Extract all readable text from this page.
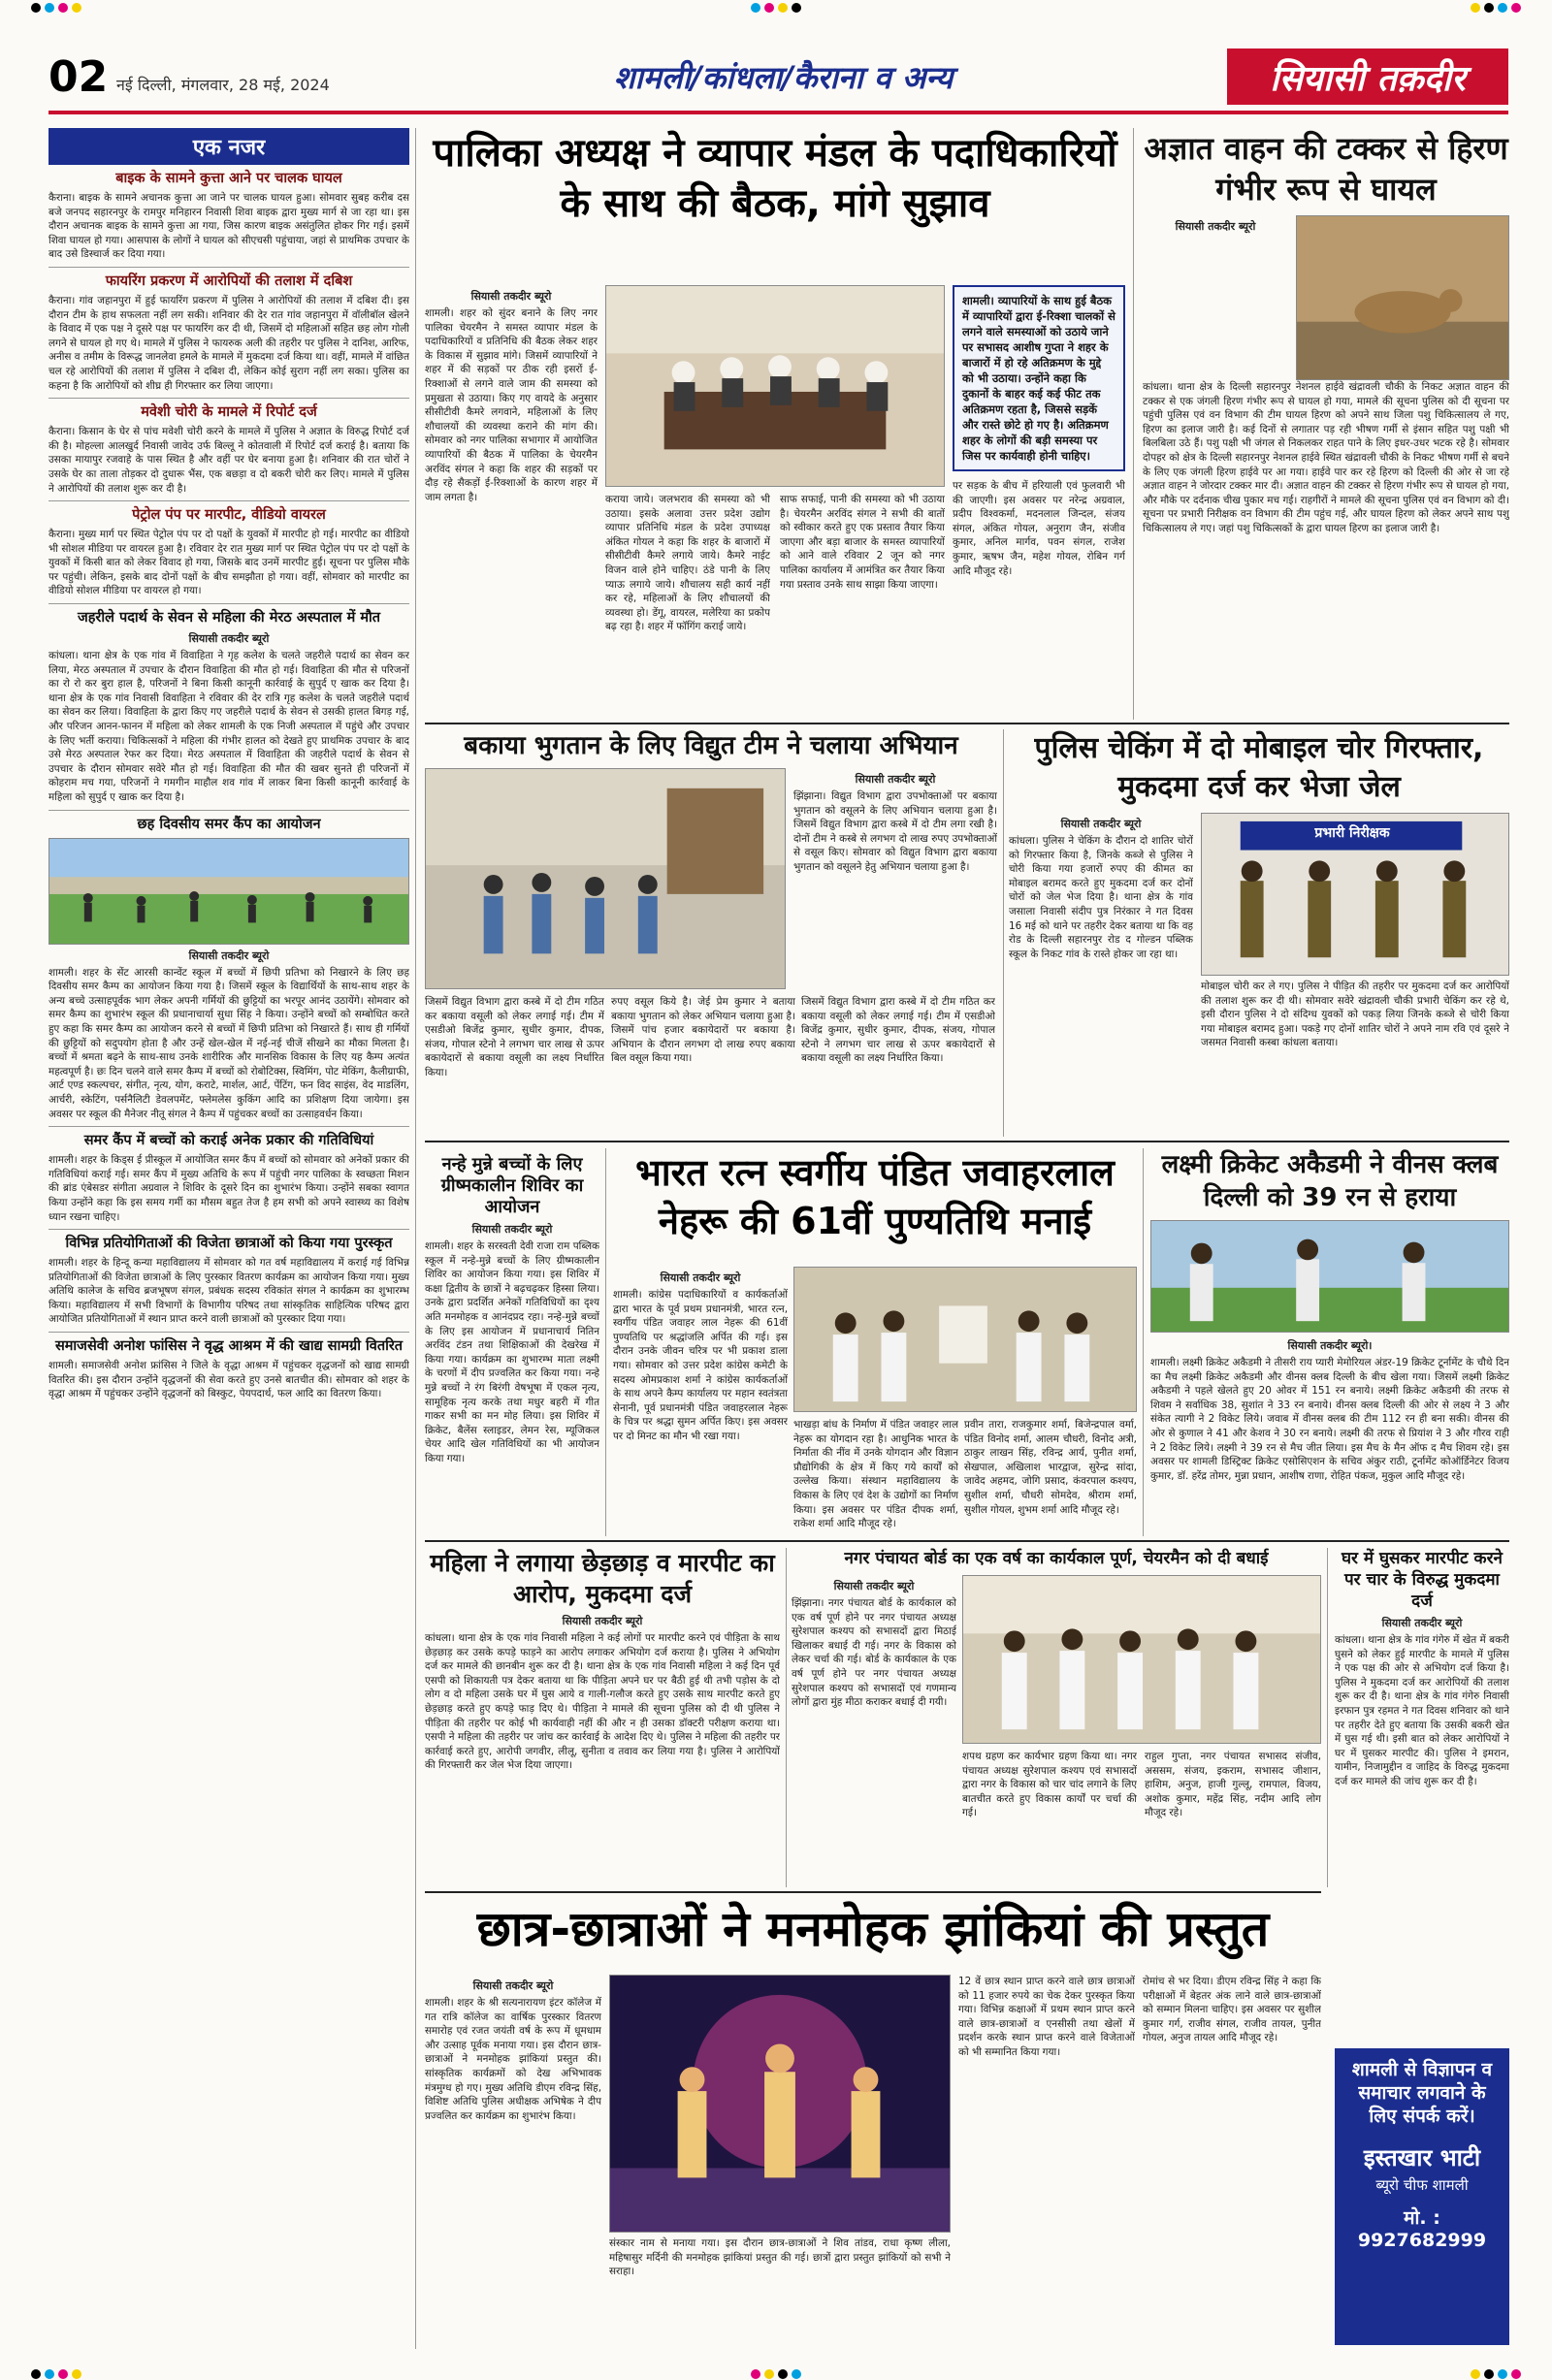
02 नई दिल्ली, मंगलवार, 28 मई, 2024	शामली/कांधला/कैराना व अन्य	सियासी तक़दीर
एक नजर
बाइक के सामने कुत्ता आने पर चालक घायल
कैराना। बाइक के सामने अचानक कुत्ता आ जाने पर चालक घायल हुआ। सोमवार सुबह करीब दस बजे जनपद सहारनपुर के रामपुर मनिहारन निवासी शिवा बाइक द्वारा मुख्य मार्ग से जा रहा था। इस दौरान अचानक बाइक के सामने कुत्ता आ गया, जिस कारण बाइक असंतुलित होकर गिर गई। इसमें शिवा घायल हो गया। आसपास के लोगों ने घायल को सीएचसी पहुंचाया, जहां से प्राथमिक उपचार के बाद उसे डिस्चार्ज कर दिया गया।
फायरिंग प्रकरण में आरोपियों की तलाश में दबिश
कैराना। गांव जहानपुरा में हुई फायरिंग प्रकरण में पुलिस ने आरोपियों की तलाश में दबिश दी। इस दौरान टीम के हाथ सफलता नहीं लग सकी। शनिवार की देर रात गांव जहानपुरा में वॉलीबॉल खेलने के विवाद में एक पक्ष ने दूसरे पक्ष पर फायरिंग कर दी थी, जिसमें दो महिलाओं सहित छह लोग गोली लगने से घायल हो गए थे। मामले में पुलिस ने फायरुक अली की तहरीर पर पुलिस ने दानिश, आरिफ, अनीस व तमीम के विरूद्ध जानलेवा हमले के मामले में मुकदमा दर्ज किया था। वहीं, मामले में वांछित चल रहे आरोपियों की तलाश में पुलिस ने दबिश दी, लेकिन कोई सुराग नहीं लग सका। पुलिस का कहना है कि आरोपियों को शीघ्र ही गिरफ्तार कर लिया जाएगा।
मवेशी चोरी के मामले में रिपोर्ट दर्ज
कैराना। किसान के घेर से पांच मवेशी चोरी करने के मामले में पुलिस ने अज्ञात के विरुद्ध रिपोर्ट दर्ज की है। मोहल्ला आलखुर्द निवासी जावेद उर्फ बिल्लू ने कोतवाली में रिपोर्ट दर्ज कराई है। बताया कि उसका मायापुर रजवाहे के पास स्थित है और वहीं पर घेर बनाया हुआ है। शनिवार की रात चोरों ने उसके घेर का ताला तोड़कर दो दुधारू भैंस, एक बछड़ा व दो बकरी चोरी कर लिए। मामले में पुलिस ने आरोपियों की तलाश शुरू कर दी है।
पेट्रोल पंप पर मारपीट, वीडियो वायरल
कैराना। मुख्य मार्ग पर स्थित पेट्रोल पंप पर दो पक्षों के युवकों में मारपीट हो गई। मारपीट का वीडियो भी सोशल मीडिया पर वायरल हुआ है। रविवार देर रात मुख्य मार्ग पर स्थित पेट्रोल पंप पर दो पक्षों के युवकों में किसी बात को लेकर विवाद हो गया, जिसके बाद उनमें मारपीट हुई। सूचना पर पुलिस मौके पर पहुंची। लेकिन, इसके बाद दोनों पक्षों के बीच समझौता हो गया। वहीं, सोमवार को मारपीट का वीडियो सोशल मीडिया पर वायरल हो गया।
जहरीले पदार्थ के सेवन से महिला की मेरठ अस्पताल में मौत
सियासी तकदीर ब्यूरो
कांधला। थाना क्षेत्र के एक गांव में विवाहिता ने गृह कलेश के चलते जहरीले पदार्थ का सेवन कर लिया, मेरठ अस्पताल में उपचार के दौरान विवाहिता की मौत हो गई। विवाहिता की मौत से परिजनों का रो रो कर बुरा हाल है, परिजनों ने बिना किसी कानूनी कार्रवाई के सुपुर्द ए खाक कर दिया है। थाना क्षेत्र के एक गांव निवासी विवाहिता ने रविवार की देर रात्रि गृह कलेश के चलते जहरीले पदार्थ का सेवन कर लिया। विवाहिता के द्वारा किए गए जहरीले पदार्थ के सेवन से उसकी हालत बिगड़ गई, और परिजन आनन-फानन में महिला को लेकर शामली के एक निजी अस्पताल में पहुंचे और उपचार के लिए भर्ती कराया। चिकित्सकों ने महिला की गंभीर हालत को देखते हुए प्राथमिक उपचार के बाद उसे मेरठ अस्पताल रेफर कर दिया। मेरठ अस्पताल में विवाहिता की जहरीले पदार्थ के सेवन से उपचार के दौरान सोमवार सवेरे मौत हो गई। विवाहिता की मौत की खबर सुनते ही परिजनों में कोहराम मच गया, परिजनों ने गमगीन माहौल शव गांव में लाकर बिना किसी कानूनी कार्रवाई के महिला को सुपुर्द ए खाक कर दिया है।
छह दिवसीय समर कैंप का आयोजन
सियासी तकदीर ब्यूरो
शामली। शहर के सेंट आरसी कान्वेंट स्कूल में बच्चों में छिपी प्रतिभा को निखारने के लिए छह दिवसीय समर कैम्प का आयोजन किया गया है। जिसमें स्कूल के विद्यार्थियों के साथ-साथ शहर के अन्य बच्चे उत्साहपूर्वक भाग लेकर अपनी गर्मियों की छुट्टियों का भरपूर आनंद उठायेंगे। सोमवार को समर कैम्प का शुभारंभ स्कूल की प्रधानाचार्या सुधा सिंह ने किया। उन्होंने बच्चों को सम्बोधित करते हुए कहा कि समर कैम्प का आयोजन करने से बच्चों में छिपी प्रतिभा को निखारते हैं। साथ ही गर्मियों की छुट्टियों को सदुपयोग होता है और उन्हें खेल-खेल में नई-नई चीजें सीखने का मौका मिलता है। बच्चों में श्रमता बढ़ने के साथ-साथ उनके शारीरिक और मानसिक विकास के लिए यह कैम्प अत्यंत महत्वपूर्ण है। छः दिन चलने वाले समर कैम्प में बच्चों को रोबोटिक्स, स्विमिंग, पोट मेकिंग, कैलीग्राफी, आर्ट एण्ड स्कल्पचर, संगीत, नृत्य, योग, कराटे, मार्शल, आर्ट, पेंटिंग, फन विद साइंस, वेद माडलिंग, आर्चरी, स्केटिंग, पर्सनैलिटी डेवलपमेंट, फ्लेमलेस कुकिंग आदि का प्रशिक्षण दिया जायेगा। इस अवसर पर स्कूल की मैनेजर नीतू संगल ने कैम्प में पहुंचकर बच्चों का उत्साहवर्धन किया।
समर कैंप में बच्चों को कराई अनेक प्रकार की गतिविधियां
शामली। शहर के किड्स ई प्रीस्कूल में आयोजित समर कैंप में बच्चों को सोमवार को अनेकों प्रकार की गतिविधियां कराई गई। समर कैंप में मुख्य अतिथि के रूप में पहुंची नगर पालिका के स्वच्छता मिशन की ब्रांड एंबेसडर संगीता अग्रवाल ने शिविर के दूसरे दिन का शुभारंभ किया। उन्होंने सबका स्वागत किया उन्होंने कहा कि इस समय गर्मी का मौसम बहुत तेज है हम सभी को अपने स्वास्थ्य का विशेष ध्यान रखना चाहिए।
विभिन्न प्रतियोगिताओं की विजेता छात्राओं को किया गया पुरस्कृत
शामली। शहर के हिन्दू कन्या महाविद्यालय में सोमवार को गत वर्ष महाविद्यालय में कराई गई विभिन्न प्रतियोगिताओं की विजेता छात्राओं के लिए पुरस्कार वितरण कार्यक्रम का आयोजन किया गया। मुख्य अतिथि कालेज के सचिव ब्रजभूषण संगल, प्रबंधक सदस्य रविकांत संगल ने कार्यक्रम का शुभारम्भ किया। महाविद्यालय में सभी विभागों के विभागीय परिषद तथा सांस्कृतिक साहित्यिक परिषद द्वारा आयोजित प्रतियोगिताओं में स्थान प्राप्त करने वाली छात्राओं को पुरस्कार दिया गया।
समाजसेवी अनोश फांसिस ने वृद्ध आश्रम में की खाद्य सामग्री वितरित
शामली। समाजसेवी अनोश फ्रांसिस ने जिले के वृद्धा आश्रम में पहुंचकर वृद्धजनों को खाद्य सामग्री वितरित की। इस दौरान उन्होंने वृद्धजनों की सेवा करते हुए उनसे बातचीत की। सोमवार को शहर के वृद्धा आश्रम में पहुंचकर उन्होंने वृद्धजनों को बिस्कुट, पेयपदार्थ, फल आदि का वितरण किया।
पालिका अध्यक्ष ने व्यापार मंडल के पदाधिकारियों के साथ की बैठक, मांगे सुझाव
सियासी तकदीर ब्यूरो
शामली। शहर को सुंदर बनाने के लिए नगर पालिका चेयरमैन ने समस्त व्यापार मंडल के पदाधिकारियों व प्रतिनिधि की बैठक लेकर शहर के विकास में सुझाव मांगे। जिसमें व्यापारियों ने शहर में की सड़कों पर ठीक रही इसरों ई-रिक्शाओं से लगने वाले जाम की समस्या को प्रमुखता से उठाया। किए गए वायदे के अनुसार सीसीटीवी कैमरे लगवाने, महिलाओं के लिए शौचालयों की व्यवस्था कराने की मांग की। सोमवार को नगर पालिका सभागार में आयोजित व्यापारियों की बैठक में पालिका के चेयरमैन अरविंद संगल ने कहा कि शहर की सड़कों पर दौड़ रहे सैकड़ों ई-रिक्शाओं के कारण शहर में जाम लगता है।	कराया जाये। जलभराव की समस्या को भी उठाया। इसके अलावा उत्तर प्रदेश उद्योग व्यापार प्रतिनिधि मंडल के प्रदेश उपाध्यक्ष अंकित गोयल ने कहा कि शहर के बाजारों में सीसीटीवी कैमरे लगाये जाये। कैमरे नाईट विजन वाले होने चाहिए। ठंडे पानी के लिए प्याऊ लगाये जाये। शौचालय सही कार्य नहीं कर रहे, महिलाओं के लिए शौचालयों की व्यवस्था हो। डेंगू, वायरल, मलेरिया का प्रकोप बढ़ रहा है। शहर में फॉगिंग कराई जाये।
साफ सफाई, पानी की समस्या को भी उठाया है। चेयरमैन अरविंद संगल ने सभी की बातों को स्वीकार करते हुए एक प्रस्ताव तैयार किया जाएगा और बड़ा बाजार के समस्त व्यापारियों को आने वाले रविवार 2 जून को नगर पालिका कार्यालय में आमंत्रित कर तैयार किया गया प्रस्ताव उनके साथ साझा किया जाएगा।
शामली। व्यापारियों के साथ हुई बैठक में व्यापारियों द्वारा ई-रिक्शा चालकों से लगने वाले समस्याओं को उठाये जाने पर सभासद आशीष गुप्ता ने शहर के बाजारों में हो रहे अतिक्रमण के मुद्दे को भी उठाया। उन्होंने कहा कि दुकानों के बाहर कई कई फीट तक अतिक्रमण रहता है, जिससे सड़कें और रास्ते छोटे हो गए है। अतिक्रमण शहर के लोगों की बड़ी समस्या पर जिस पर कार्यवाही होनी चाहिए।
पर सड़क के बीच में हरियाली एवं फुलवारी भी की जाएगी। इस अवसर पर नरेन्द्र अग्रवाल, प्रदीप विश्वकर्मा, मदनलाल जिन्दल, संजय संगल, अंकित गोयल, अनुराग जैन, संजीव कुमार, अनिल मार्गव, पवन संगल, राजेश कुमार, ऋषभ जैन, महेश गोयल, रोबिन गर्ग आदि मौजूद रहे।
अज्ञात वाहन की टक्कर से हिरण गंभीर रूप से घायल
सियासी तकदीर ब्यूरो
कांधला। थाना क्षेत्र के दिल्ली सहारनपुर नेशनल हाईवे खंद्रावली चौकी के निकट अज्ञात वाहन की टक्कर से एक जंगली हिरण गंभीर रूप से घायल हो गया, मामले की सूचना पुलिस को दी सूचना पर पहुंची पुलिस एवं वन विभाग की टीम घायल हिरण को अपने साथ जिला पशु चिकित्सालय ले गए, हिरण का इलाज जारी है। कई दिनों से लगातार पड़ रही भीषण गर्मी से इंसान सहित पशु पक्षी भी बिलबिला उठे हैं। पशु पक्षी भी जंगल से निकलकर राहत पाने के लिए इधर-उधर भटक रहे है। सोमवार दोपहर को क्षेत्र के दिल्ली सहारनपुर नेशनल हाईवे स्थित खंद्रावली चौकी के निकट भीषण गर्मी से बचने के लिए एक जंगली हिरण हाईवे पर आ गया। हाईवे पार कर रहे हिरण को दिल्ली की ओर से जा रहे अज्ञात वाहन ने जोरदार टक्कर मार दी। अज्ञात वाहन की टक्कर से हिरण गंभीर रूप से घायल हो गया, और मौके पर दर्दनाक चीख पुकार मच गई। राहगीरों ने मामले की सूचना पुलिस एवं वन विभाग को दी। सूचना पर प्रभारी निरीक्षक वन विभाग की टीम पहुंच गई, और घायल हिरण को लेकर अपने साथ पशु चिकित्सालय ले गए। जहां पशु चिकित्सकों के द्वारा घायल हिरण का इलाज जारी है।
बकाया भुगतान के लिए विद्युत टीम ने चलाया अभियान
सियासी तकदीर ब्यूरो
झिंझाना। विद्युत विभाग द्वारा उपभोक्ताओं पर बकाया भुगतान को वसूलने के लिए अभियान चलाया हुआ है। जिसमें विद्युत विभाग द्वारा कस्बे में दो टीम लगा रखी है। दोनों टीम ने कस्बे से लगभग दो लाख रुपए उपभोक्ताओं से वसूल किए। सोमवार को विद्युत विभाग द्वारा बकाया भुगतान को वसूलने हेतु अभियान चलाया हुआ है।
जिसमें विद्युत विभाग द्वारा कस्बे में दो टीम गठित कर बकाया वसूली को लेकर लगाई गई। टीम में एसडीओ बिजेंद्र कुमार, सुधीर कुमार, दीपक, संजय, गोपाल स्टेनो ने लगभग चार लाख से ऊपर बकायेदारों से बकाया वसूली का लक्ष्य निर्धारित किया।
रुपए वसूल किये है। जेई प्रेम कुमार ने बताया बकाया भुगतान को लेकर अभियान चलाया हुआ है। जिसमें पांच हजार बकायेदारों पर बकाया है। अभियान के दौरान लगभग दो लाख रुपए बकाया बिल वसूल किया गया।
जिसमें विद्युत विभाग द्वारा कस्बे में दो टीम गठित कर बकाया वसूली को लेकर लगाई गई। टीम में एसडीओ बिजेंद्र कुमार, सुधीर कुमार, दीपक, संजय, गोपाल स्टेनो ने लगभग चार लाख से ऊपर बकायेदारों से बकाया वसूली का लक्ष्य निर्धारित किया।
पुलिस चेकिंग में दो मोबाइल चोर गिरफ्तार, मुकदमा दर्ज कर भेजा जेल
सियासी तकदीर ब्यूरो
कांधला। पुलिस ने चेकिंग के दौरान दो शातिर चोरों को गिरफ्तार किया है, जिनके कब्जे से पुलिस ने चोरी किया गया हजारों रुपए की कीमत का मोबाइल बरामद करते हुए मुकदमा दर्ज कर दोनों चोरों को जेल भेज दिया है। थाना क्षेत्र के गांव जसाला निवासी संदीप पुत्र निरंकार ने गत दिवस 16 मई को थाने पर तहरीर देकर बताया था कि वह रोड के दिल्ली सहारनपुर रोड द गोल्डन पब्लिक स्कूल के निकट गांव के रास्ते होकर जा रहा था।
प्रभारी निरीक्षक
मोबाइल चोरी कर ले गए। पुलिस ने पीड़ित की तहरीर पर मुकदमा दर्ज कर आरोपियों की तलाश शुरू कर दी थी। सोमवार सवेरे खंद्रावली चौकी प्रभारी चेकिंग कर रहे थे, इसी दौरान पुलिस ने दो संदिग्ध युवकों को पकड़ लिया जिनके कब्जे से चोरी किया गया मोबाइल बरामद हुआ। पकड़े गए दोनों शातिर चोरों ने अपने नाम रवि एवं दूसरे ने जसमत निवासी कस्बा कांधला बताया।
नन्हे मुन्ने बच्चों के लिए ग्रीष्मकालीन शिविर का आयोजन
सियासी तकदीर ब्यूरो
शामली। शहर के सरस्वती देवी राजा राम पब्लिक स्कूल में नन्हे-मुन्ने बच्चों के लिए ग्रीष्मकालीन शिविर का आयोजन किया गया। इस शिविर में कक्षा द्वितीय के छात्रों ने बढ़चढ़कर हिस्सा लिया। उनके द्वारा प्रदर्शित अनेकों गतिविधियों का दृश्य अति मनमोहक व आनंदप्रद रहा। नन्हे-मुन्ने बच्चों के लिए इस आयोजन में प्रधानाचार्य नितिन अरविंद टंडन तथा शिक्षिकाओं की देखरेख में किया गया। कार्यक्रम का शुभारम्भ माता लक्ष्मी के चरणों में दीप प्रज्वलित कर किया गया। नन्हे मुन्ने बच्चों ने रंग बिरंगी वेषभूषा में एकल नृत्य, सामूहिक नृत्य करके तथा मधुर बहरी में गीत गाकर सभी का मन मोह लिया। इस शिविर में क्रिकेट, बैलेंस स्लाइडर, लेमन रेस, म्यूजिकल चेयर आदि खेल गतिविधियों का भी आयोजन किया गया।
भारत रत्न स्वर्गीय पंडित जवाहरलाल नेहरू की 61वीं पुण्यतिथि मनाई
सियासी तकदीर ब्यूरो
शामली। कांग्रेस पदाधिकारियों व कार्यकर्ताओं द्वारा भारत के पूर्व प्रथम प्रधानमंत्री, भारत रत्न, स्वर्गीय पंडित जवाहर लाल नेहरू की 61वीं पुण्यतिथि पर श्रद्धांजलि अर्पित की गई। इस दौरान उनके जीवन चरित्र पर भी प्रकाश डाला गया। सोमवार को उत्तर प्रदेश कांग्रेस कमेटी के सदस्य ओमप्रकाश शर्मा ने कांग्रेस कार्यकर्ताओं के साथ अपने कैम्प कार्यालय पर महान स्वतंत्रता सेनानी, पूर्व प्रधानमंत्री पंडित जवाहरलाल नेहरू के चित्र पर श्रद्धा सुमन अर्पित किए। इस अवसर पर दो मिनट का मौन भी रखा गया।
भाखड़ा बांध के निर्माण में पंडित जवाहर लाल नेहरू का योगदान रहा है। आधुनिक भारत के निर्माता की नींव में उनके योगदान और विज्ञान प्रौद्योगिकी के क्षेत्र में किए गये कार्यों को उल्लेख किया। संस्थान महाविद्यालय के विकास के लिए एवं देश के उद्योगों का निर्माण किया। इस अवसर पर पंडित दीपक शर्मा, राकेश शर्मा आदि मौजूद रहे।
प्रवीन तारा, राजकुमार शर्मा, बिजेन्द्रपाल वर्मा, पंडित विनोद शर्मा, आलम चौधरी, विनोद अत्री, ठाकुर लाखन सिंह, रविन्द्र आर्य, पुनीत शर्मा, सेखपाल, अखिलाश भारद्वाज, सुरेन्द्र सांदा, जावेद अहमद, जोगि प्रसाद, कंवरपाल कश्यप, सुशील शर्मा, चौधरी सोमदेव, श्रीराम शर्मा, सुशील गोयल, शुभम शर्मा आदि मौजूद रहे।
लक्ष्मी क्रिकेट अकैडमी ने वीनस क्लब दिल्ली को 39 रन से हराया
सियासी तकदीर ब्यूरो।
शामली। लक्ष्मी क्रिकेट अकैडमी ने तीसरी राय प्यारी मेमोरियल अंडर-19 क्रिकेट टूर्नामेंट के चौथे दिन का मैच लक्ष्मी क्रिकेट अकैडमी और वीनस क्लब दिल्ली के बीच खेला गया। जिसमें लक्ष्मी क्रिकेट अकैडमी ने पहले खेलते हुए 20 ओवर में 151 रन बनाये। लक्ष्मी क्रिकेट अकैडमी की तरफ से शिवम ने सर्वाधिक 38, सुशांत ने 33 रन बनाये। वीनस क्लब दिल्ली की ओर से लक्ष्य ने 3 और संकेत त्यागी ने 2 विकेट लिये। जवाब में वीनस क्लब की टीम 112 रन ही बना सकी। वीनस की ओर से कुणाल ने 41 और केशव ने 30 रन बनाये। लक्ष्मी की तरफ से प्रियांश ने 3 और गौरव राही ने 2 विकेट लिये। लक्ष्मी ने 39 रन से मैच जीत लिया। इस मैच के मैन ऑफ द मैच शिवम रहे। इस अवसर पर शामली डिस्ट्रिक्ट क्रिकेट एसोसिएशन के सचिव अंकुर राठी, टूर्नामेंट कोऑर्डिनेटर विजय कुमार, डॉ. हरेंद्र तोमर, मुन्ना प्रधान, आशीष राणा, रोहित पंकज, मुकुल आदि मौजूद रहे।
महिला ने लगाया छेड़छाड़ व मारपीट का आरोप, मुकदमा दर्ज
सियासी तकदीर ब्यूरो
कांधला। थाना क्षेत्र के एक गांव निवासी महिला ने कई लोगों पर मारपीट करने एवं पीड़िता के साथ छेड़छाड़ कर उसके कपड़े फाड़ने का आरोप लगाकर अभियोग दर्ज कराया है। पुलिस ने अभियोग दर्ज कर मामले की छानबीन शुरू कर दी है। थाना क्षेत्र के एक गांव निवासी महिला ने कई दिन पूर्व एसपी को शिकायती पत्र देकर बताया था कि पीड़िता अपने घर पर बैठी हुई थी तभी पड़ोस के दो लोग व दो महिला उसके घर में घुस आये व गाली-गलौज करते हुए उसके साथ मारपीट करते हुए छेड़छाड़ करते हुए कपड़े फाड़ दिए थे। पीड़िता ने मामले की सूचना पुलिस को दी थी पुलिस ने पीड़िता की तहरीर पर कोई भी कार्यवाही नहीं की और न ही उसका डॉक्टरी परीक्षण कराया था। एसपी ने महिला की तहरीर पर जांच कर कार्रवाई के आदेश दिए थे। पुलिस ने महिला की तहरीर पर कार्रवाई करते हुए, आरोपी जगवीर, लीलू, सुनीता व तवाव कर लिया गया है। पुलिस ने आरोपियों की गिरफ्तारी कर जेल भेज दिया जाएगा।
नगर पंचायत बोर्ड का एक वर्ष का कार्यकाल पूर्ण, चेयरमैन को दी बधाई
सियासी तकदीर ब्यूरो
झिंझाना। नगर पंचायत बोर्ड के कार्यकाल को एक वर्ष पूर्ण होने पर नगर पंचायत अध्यक्ष सुरेशपाल कश्यप को सभासदों द्वारा मिठाई खिलाकर बधाई दी गई। नगर के विकास को लेकर चर्चा की गई। बोर्ड के कार्यकाल के एक वर्ष पूर्ण होने पर नगर पंचायत अध्यक्ष सुरेशपाल कश्यप को सभासदों एवं गणमान्य लोगों द्वारा मुंह मीठा कराकर बधाई दी गयी।
शपथ ग्रहण कर कार्यभार ग्रहण किया था। नगर पंचायत अध्यक्ष सुरेशपाल कश्यप एवं सभासदों द्वारा नगर के विकास को चार चांद लगाने के लिए बातचीत करते हुए विकास कार्यों पर चर्चा की गई।
राहुल गुप्ता, नगर पंचायत सभासद संजीव, अससम, संजय, इकराम, सभासद जीशान, हाशिम, अनुज, हाजी गुल्लू, रामपाल, विजय, अशोक कुमार, महेंद्र सिंह, नदीम आदि लोग मौजूद रहे।
घर में घुसकर मारपीट करने पर चार के विरुद्ध मुकदमा दर्ज
सियासी तकदीर ब्यूरो
कांधला। थाना क्षेत्र के गांव गंगेरु में खेत में बकरी घुसने को लेकर हुई मारपीट के मामले में पुलिस ने एक पक्ष की ओर से अभियोग दर्ज किया है। पुलिस ने मुकदमा दर्ज कर आरोपियों की तलाश शुरू कर दी है। थाना क्षेत्र के गांव गंगेरु निवासी इरफान पुत्र रहमत ने गत दिवस शनिवार को थाने पर तहरीर देते हुए बताया कि उसकी बकरी खेत में घुस गई थी। इसी बात को लेकर आरोपियों ने घर में घुसकर मारपीट की। पुलिस ने इमरान, यामीन, निजामुद्दीन व जाहिद के विरुद्ध मुकदमा दर्ज कर मामले की जांच शुरू कर दी है।
छात्र-छात्राओं ने मनमोहक झांकियां की प्रस्तुत
सियासी तकदीर ब्यूरो
शामली। शहर के श्री सत्यनारायण इंटर कॉलेज में गत रात्रि कॉलेज का वार्षिक पुरस्कार वितरण समारोह एवं रजत जयंती वर्ष के रूप में धूमधाम और उत्साह पूर्वक मनाया गया। इस दौरान छात्र-छात्राओं ने मनमोहक झांकियां प्रस्तुत की। सांस्कृतिक कार्यक्रमों को देख अभिभावक मंत्रमुग्ध हो गए। मुख्य अतिथि डीएम रविन्द्र सिंह, विशिष्ट अतिथि पुलिस अधीक्षक अभिषेक ने दीप प्रज्वलित कर कार्यक्रम का शुभारंभ किया।
संस्कार नाम से मनाया गया। इस दौरान छात्र-छात्राओं ने शिव तांडव, राधा कृष्ण लीला, महिषासुर मर्दिनी की मनमोहक झांकियां प्रस्तुत की गई। छात्रों द्वारा प्रस्तुत झांकियों को सभी ने सराहा।
12 वें छात्र स्थान प्राप्त करने वाले छात्र छात्राओं को 11 हजार रुपये का चेक देकर पुरस्कृत किया गया। विभिन्न कक्षाओं में प्रथम स्थान प्राप्त करने वाले छात्र-छात्राओं व एनसीसी तथा खेलों में प्रदर्शन करके स्थान प्राप्त करने वाले विजेताओं को भी सम्मानित किया गया।
रोमांच से भर दिया। डीएम रविन्द्र सिंह ने कहा कि परीक्षाओं में बेहतर अंक लाने वाले छात्र-छात्राओं को सम्मान मिलना चाहिए। इस अवसर पर सुशील कुमार गर्ग, राजीव संगल, राजीव तायल, पुनीत गोयल, अनुज तायल आदि मौजूद रहे।
शामली से विज्ञापन व समाचार लगवाने के लिए संपर्क करें।
इस्तखार भाटी
ब्यूरो चीफ शामली
मो. : 9927682999
